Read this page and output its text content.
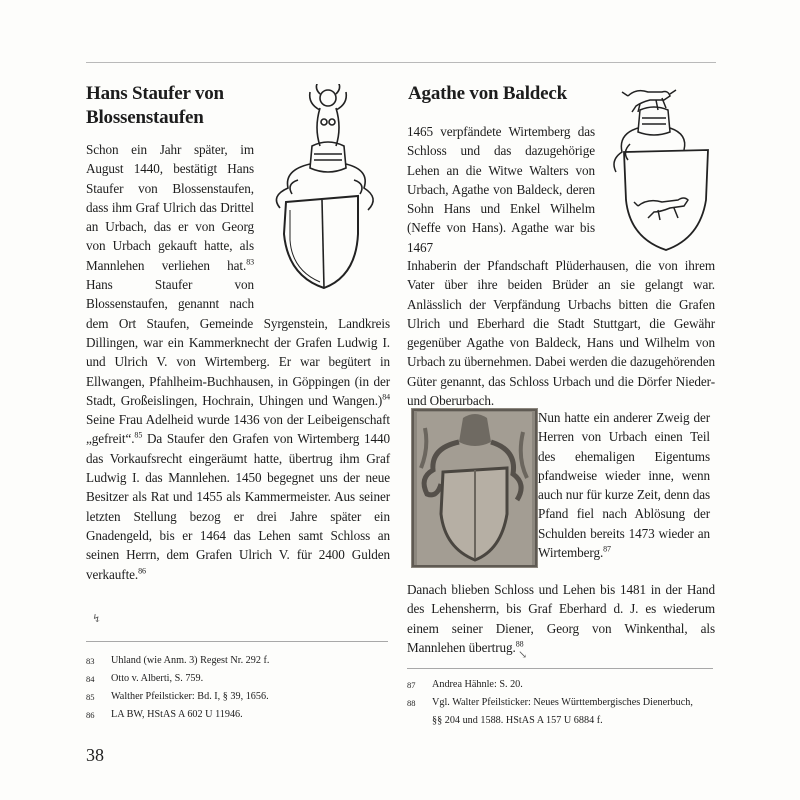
Hans Staufer von Blossenstaufen

Schon ein Jahr später, im August 1440, bestätigt Hans Staufer von Blossenstaufen, dass ihm Graf Ulrich das Drittel an Urbach, das er von Georg von Urbach gekauft hatte, als Mannlehen verliehen hat.$^{83}$ Hans Staufer von Blossenstaufen, genannt nach dem Ort Staufen, Gemeinde Syrgenstein, Landkreis Dillingen, war ein Kammerknecht der Grafen Ludwig I. und Ulrich V. von Wirtemberg. Er war begütert in Ellwangen, Pfahlheim-Buchhausen, in Göppingen (in der Stadt, Großeislingen, Hochrain, Uhingen und Wangen.)$^{84}$ Seine Frau Adelheid wurde 1436 von der Leibeigenschaft „gefreit“.$^{85}$ Da Staufer den Grafen von Wirtemberg 1440 das Vorkaufsrecht eingeräumt hatte, übertrug ihm Graf Ludwig I. das Mannlehen. 1450 begegnet uns der neue Besitzer als Rat und 1455 als Kammermeister. Aus seiner letzten Stellung bezog er drei Jahre später ein Gnadengeld, bis er 1464 das Lehen samt Schloss an seinen Herrn, dem Grafen Ulrich V. für 2400 Gulden verkaufte.$^{86}$

↯
83	Uhland (wie Anm. 3) Regest Nr. 292 f.
84	Otto v. Alberti, S. 759.
85	Walther Pfeilsticker: Bd. I, § 39, 1656.
86	LA BW, HStAS A 602 U 11946.
38
Agathe von Baldeck

1465 verpfändete Wirtemberg das Schloss und das dazugehörige Lehen an die Witwe Walters von Urbach, Agathe von Baldeck, deren Sohn Hans und Enkel Wilhelm (Neffe von Hans). Agathe war bis 1467

Inhaberin der Pfandschaft Plüderhausen, die von ihrem Vater über ihre beiden Brüder an sie gelangt war. Anlässlich der Verpfändung Urbachs bitten die Grafen Ulrich und Eberhard die Stadt Stuttgart, die Gewähr gegenüber Agathe von Baldeck, Hans und Wilhelm von Urbach zu übernehmen. Dabei werden die dazugehörenden Güter genannt, das Schloss Urbach und die Dörfer Nieder- und Oberurbach.

Nun hatte ein anderer Zweig der Herren von Urbach einen Teil des ehemaligen Eigentums pfandweise wieder inne, wenn auch nur für kurze Zeit, denn das Pfand fiel nach Ablösung der Schulden bereits 1473 wieder an Wirtemberg.$^{87}$

Danach blieben Schloss und Lehen bis 1481 in der Hand des Lehensherrn, bis Graf Eberhard d. J. es wiederum einem seiner Diener, Georg von Winkenthal, als Mannlehen übertrug.$^{88}$

↘
87	Andrea Hähnle: S. 20.
88	Vgl. Walter Pfeilsticker: Neues Württembergisches Dienerbuch,
§§ 204 und 1588. HStAS A 157 U 6884 f.
